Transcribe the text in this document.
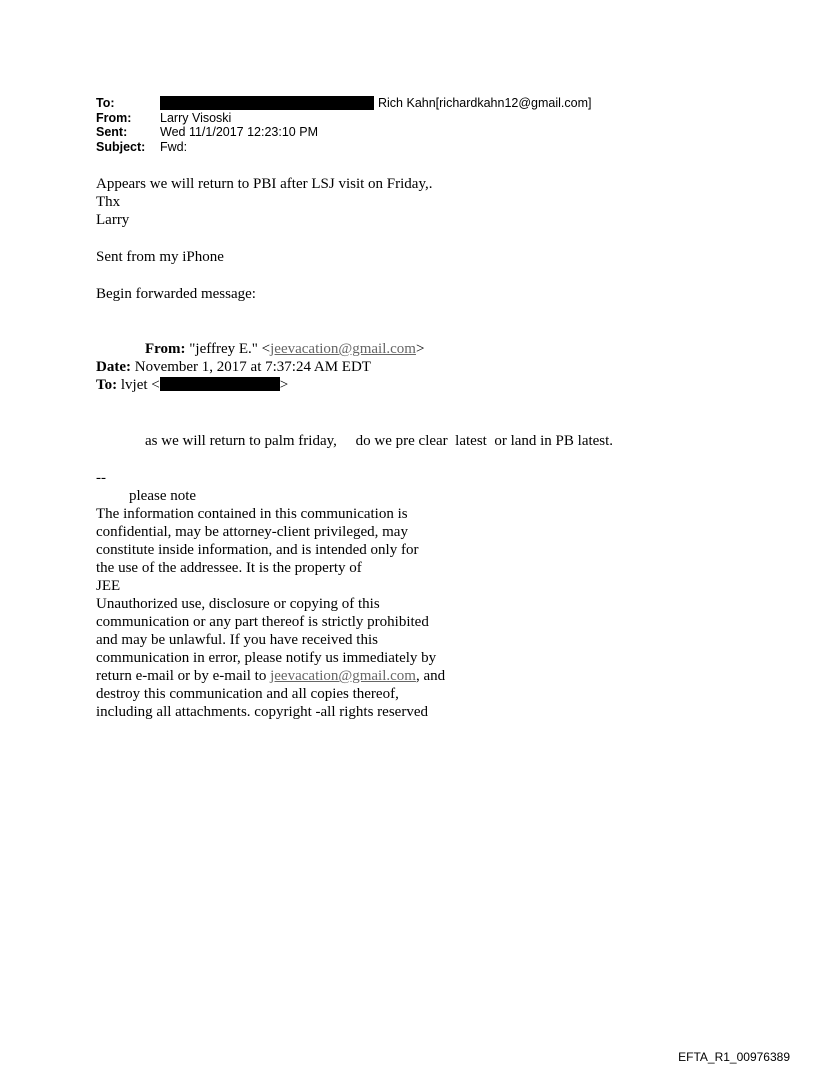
To:	Rich Kahn[richardkahn12@gmail.com]
From:	Larry Visoski
Sent:	Wed 11/1/2017 12:23:10 PM
Subject:	Fwd:
Appears we will return to PBI after LSJ visit on Friday,.
Thx
Larry
Sent from my iPhone
Begin forwarded message:
From: "jeffrey E." <jeevacation@gmail.com>
Date: November 1, 2017 at 7:37:24 AM EDT
To: lvjet <	>
as we will return to palm friday,     do we pre clear  latest  or land in PB latest.
--
please note
The information contained in this communication is
confidential, may be attorney-client privileged, may
constitute inside information, and is intended only for
the use of the addressee. It is the property of
JEE
Unauthorized use, disclosure or copying of this
communication or any part thereof is strictly prohibited
and may be unlawful. If you have received this
communication in error, please notify us immediately by
return e-mail or by e-mail to jeevacation@gmail.com, and
destroy this communication and all copies thereof,
including all attachments. copyright -all rights reserved
EFTA_R1_00976389
